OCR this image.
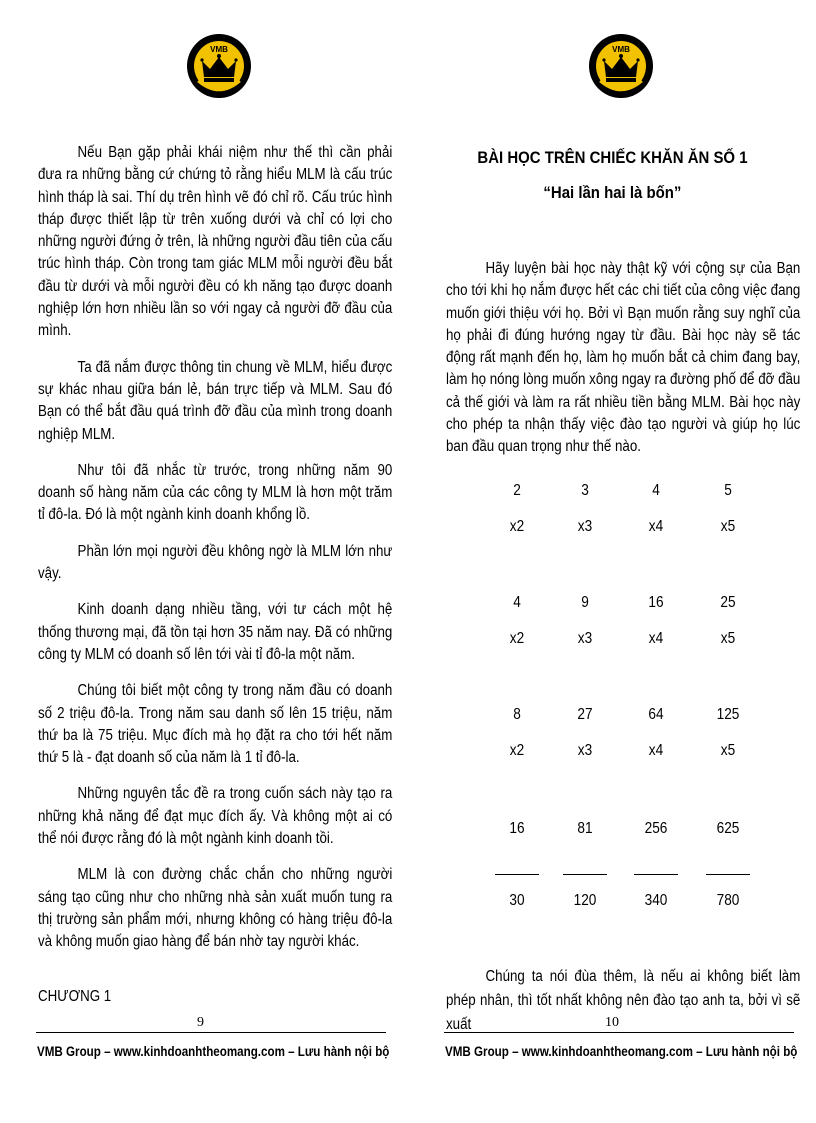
VMB

Nếu Bạn gặp phải khái niệm như thế thì cần phải đưa ra những bằng cứ chứng tỏ rằng hiểu MLM là cấu trúc hình tháp là sai. Thí dụ trên hình vẽ đó chỉ rõ. Cấu trúc hình tháp được thiết lập từ trên xuống dưới và chỉ có lợi cho những người đứng ở trên, là những người đầu tiên của cấu trúc hình tháp. Còn trong tam giác MLM mỗi người đều bắt đầu từ dưới và mỗi người đều có kh năng tạo được doanh nghiệp lớn hơn nhiều lần so với ngay cả người đỡ đầu của mình.

Ta đã nắm được thông tin chung về MLM, hiểu được sự khác nhau giữa bán lẻ, bán trực tiếp và MLM. Sau đó Bạn có thể bắt đầu quá trình đỡ đầu của mình trong doanh nghiệp MLM.

Như tôi đã nhắc từ trước, trong những năm 90 doanh số hàng năm của các công ty MLM là hơn một trăm tỉ đô-la. Đó là một ngành kinh doanh khổng lồ.

Phần lớn mọi người đều không ngờ là MLM lớn như vậy.

Kinh doanh dạng nhiều tầng, với tư cách một hệ thống thương mại, đã tồn tại hơn 35 năm nay. Đã có những công ty MLM có doanh số lên tới vài tỉ đô-la một năm.

Chúng tôi biết một công ty trong năm đầu có doanh số 2 triệu đô-la. Trong năm sau danh số lên 15 triệu, năm thứ ba là 75 triệu. Mục đích mà họ đặt ra cho tới hết năm thứ 5 là - đạt doanh số của năm là 1 tỉ đô-la.

Những nguyên tắc đề ra trong cuốn sách này tạo ra những khả năng để đạt mục đích ấy. Và không một ai có thể nói được rằng đó là một ngành kinh doanh tồi.

MLM là con đường chắc chắn cho những người sáng tạo cũng như cho những nhà sản xuất muốn tung ra thị trường sản phẩm mới, nhưng không có hàng triệu đô-la và không muốn giao hàng để bán nhờ tay người khác.

CHƯƠNG 1
9
VMB Group – www.kinhdoanhtheomang.com – Lưu hành nội bộ
VMB
BÀI HỌC TRÊN CHIẾC KHĂN ĂN SỐ 1
“Hai lần hai là bốn”

Hãy luyện bài học này thật kỹ với cộng sự của Bạn cho tới khi họ nắm được hết các chi tiết của công việc đang muốn giới thiệu với họ. Bởi vì Bạn muốn rằng suy nghĩ của họ phải đi đúng hướng ngay từ đầu. Bài học này sẽ tác động rất mạnh đến họ, làm họ muốn bắt cả chim đang bay, làm họ nóng lòng muốn xông ngay ra đường phố để đỡ đầu cả thế giới và làm ra rất nhiều tiền bằng MLM. Bài học này cho phép ta nhận thấy việc đào tạo người và giúp họ lúc ban đầu quan trọng như thế nào.

2	3	4	5
x2	x3	x4	x5
4	9	16	25
x2	x3	x4	x5
8	27	64	125
x2	x3	x4	x5
16	81	256	625
30	120	340	780

Chúng ta nói đùa thêm, là nếu ai không biết làm phép nhân, thì tốt nhất không nên đào tạo anh ta, bởi vì sẽ xuất	10
VMB Group – www.kinhdoanhtheomang.com – Lưu hành nội bộ
